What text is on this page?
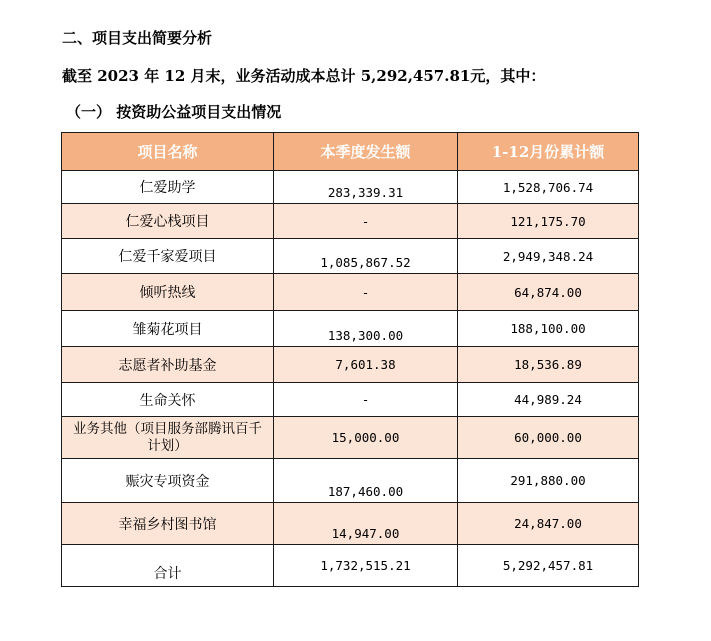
二、项目支出简要分析
截至 2023 年 12 月末，业务活动成本总计 5,292,457.81元，其中：
（一） 按资助公益项目支出情况
项目名称	本季度发生额	1-12月份累计额
仁爱助学	283,339.31	1,528,706.74
仁爱心栈项目	-	121,175.70
仁爱千家爱项目	1,085,867.52	2,949,348.24
倾听热线	-	64,874.00
雏菊花项目	138,300.00	188,100.00
志愿者补助基金	7,601.38	18,536.89
生命关怀	-	44,989.24
业务其他（项目服务部腾讯百千计划）	15,000.00	60,000.00
赈灾专项资金	187,460.00	291,880.00
幸福乡村图书馆	14,947.00	24,847.00
合计	1,732,515.21	5,292,457.81
